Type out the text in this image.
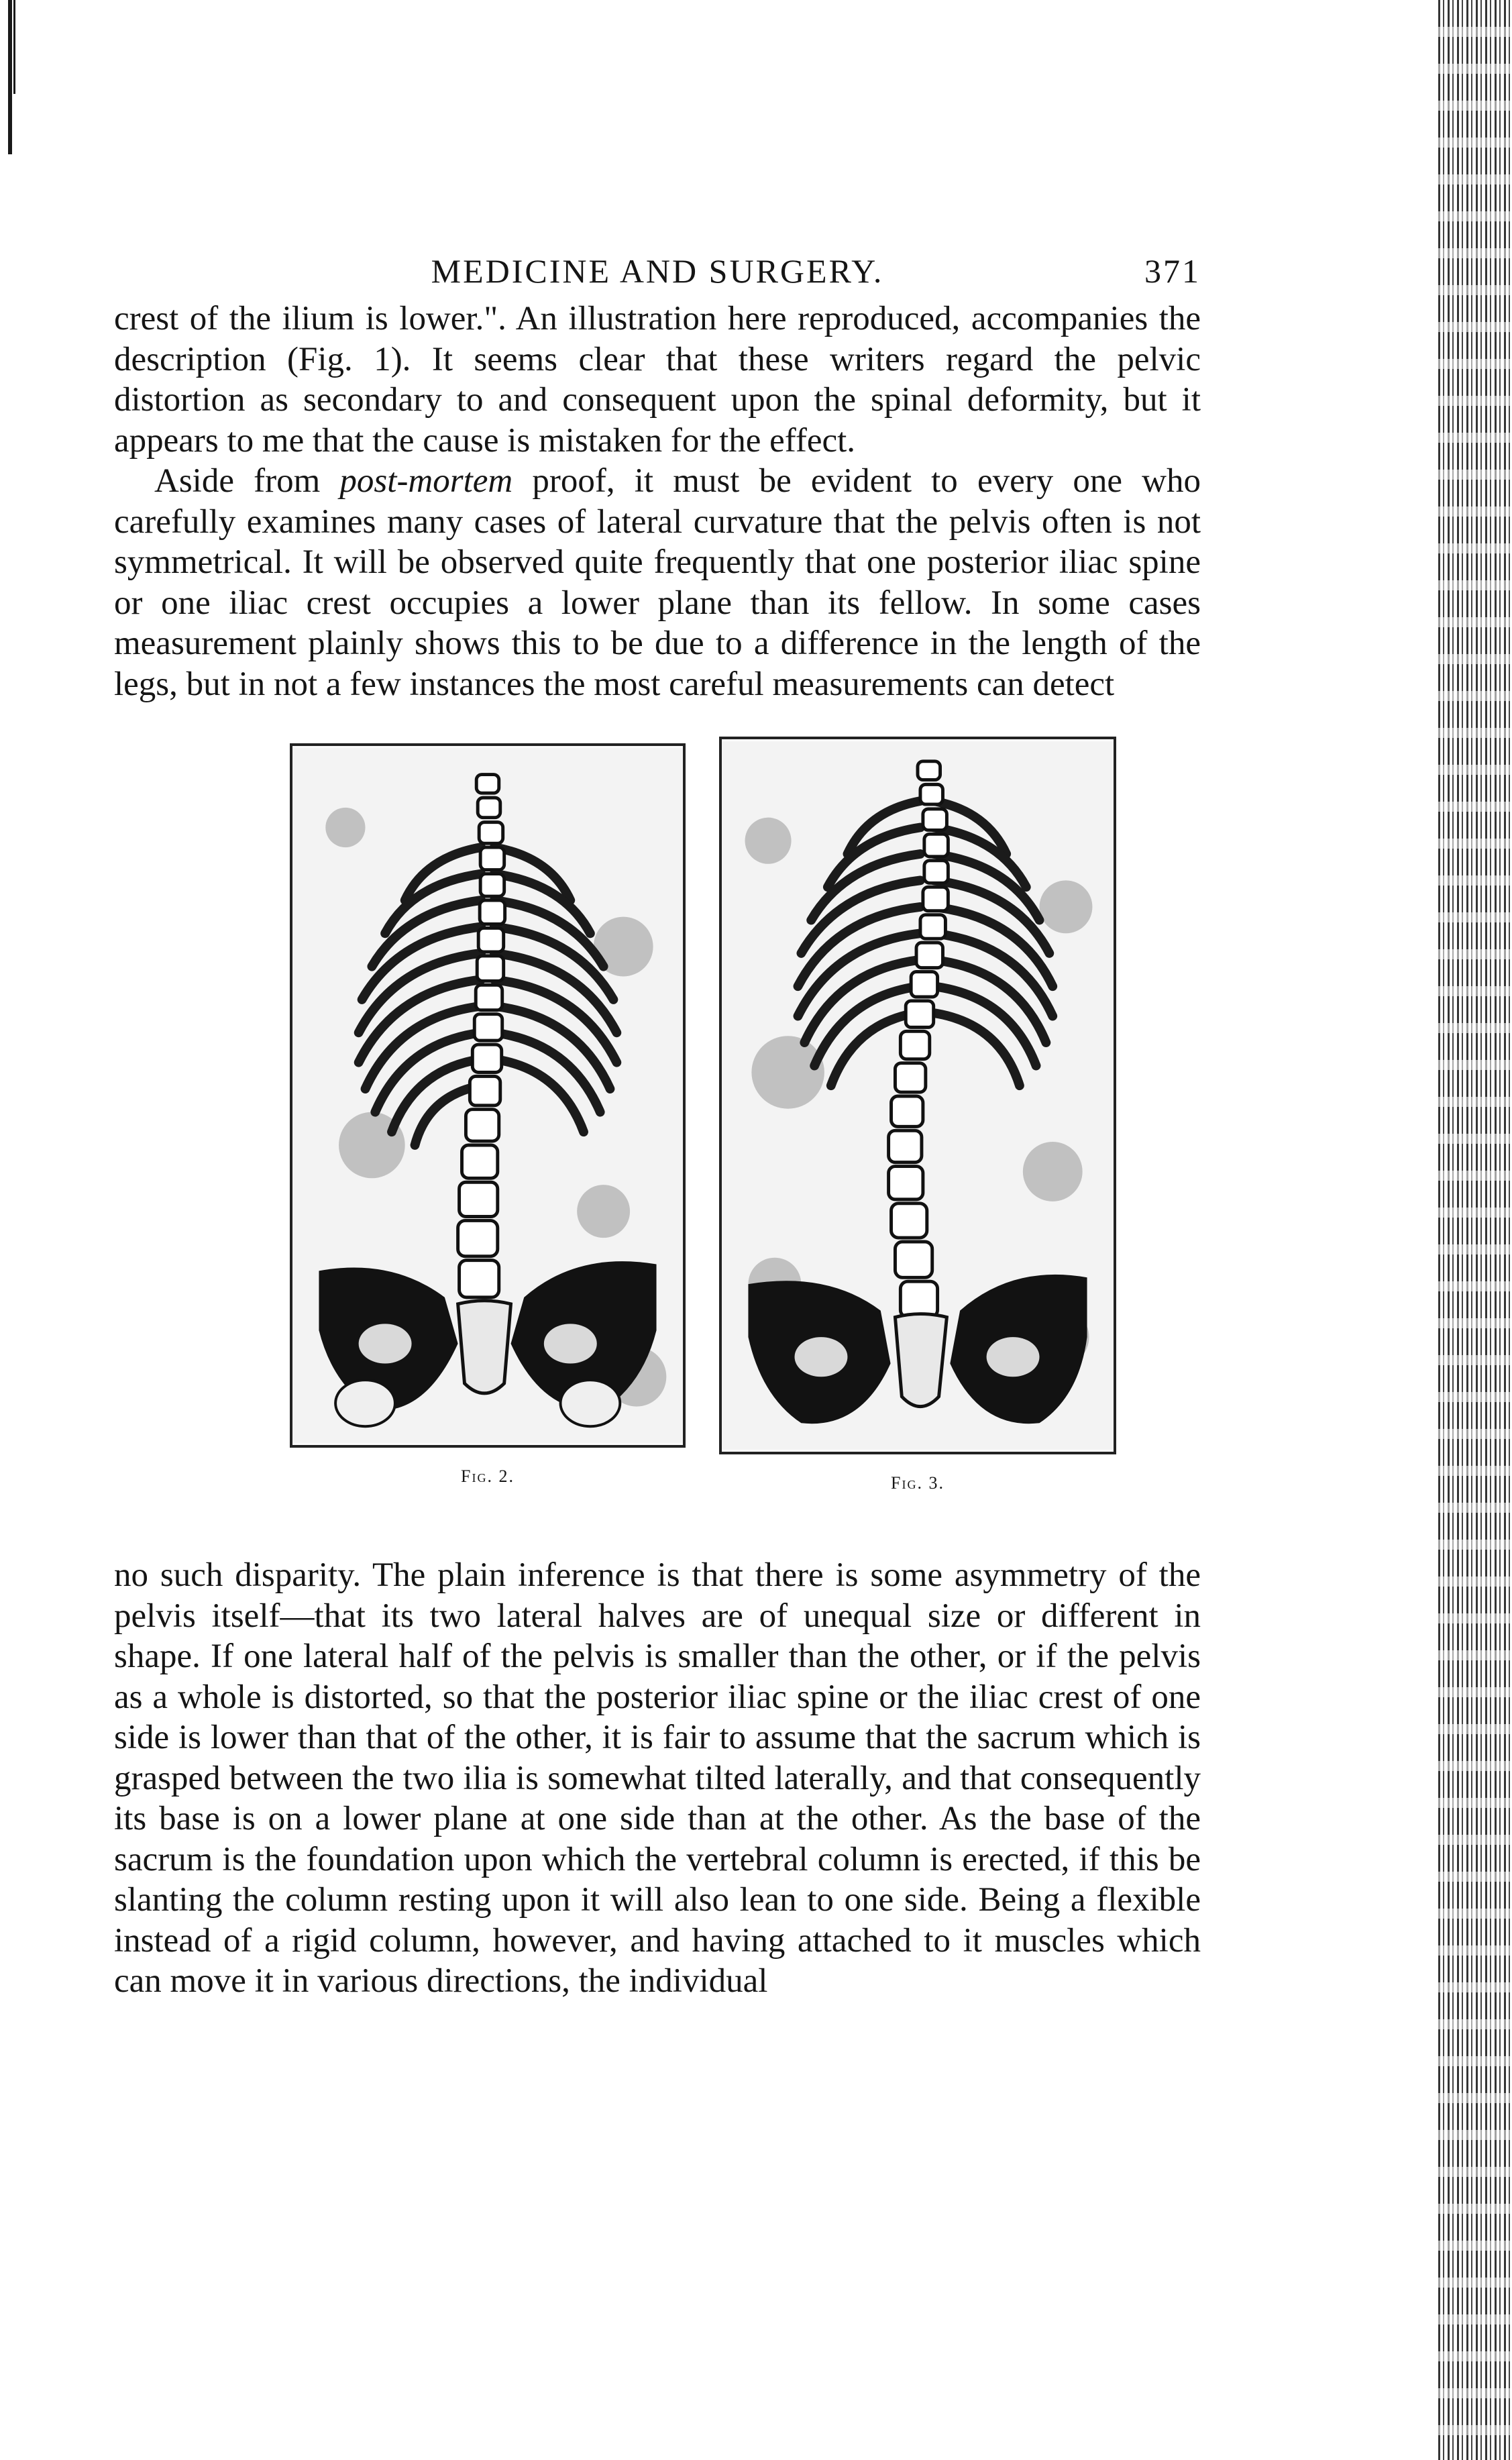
MEDICINE AND SURGERY.	371

crest of the ilium is lower.". An illustration here reproduced, accompanies the description (Fig. 1). It seems clear that these writers regard the pelvic distortion as secondary to and consequent upon the spinal deformity, but it appears to me that the cause is mistaken for the effect.

Aside from post-mortem proof, it must be evident to every one who carefully examines many cases of lateral curvature that the pelvis often is not symmetrical. It will be observed quite frequently that one posterior iliac spine or one iliac crest occupies a lower plane than its fellow. In some cases measurement plainly shows this to be due to a difference in the length of the legs, but in not a few instances the most careful measurements can detect

Fig. 2.	Fig. 3.

no such disparity. The plain inference is that there is some asymmetry of the pelvis itself—that its two lateral halves are of unequal size or different in shape. If one lateral half of the pelvis is smaller than the other, or if the pelvis as a whole is distorted, so that the posterior iliac spine or the iliac crest of one side is lower than that of the other, it is fair to assume that the sacrum which is grasped between the two ilia is somewhat tilted laterally, and that consequently its base is on a lower plane at one side than at the other. As the base of the sacrum is the foundation upon which the vertebral column is erected, if this be slanting the column resting upon it will also lean to one side. Being a flexible instead of a rigid column, however, and having attached to it muscles which can move it in various directions, the individual
